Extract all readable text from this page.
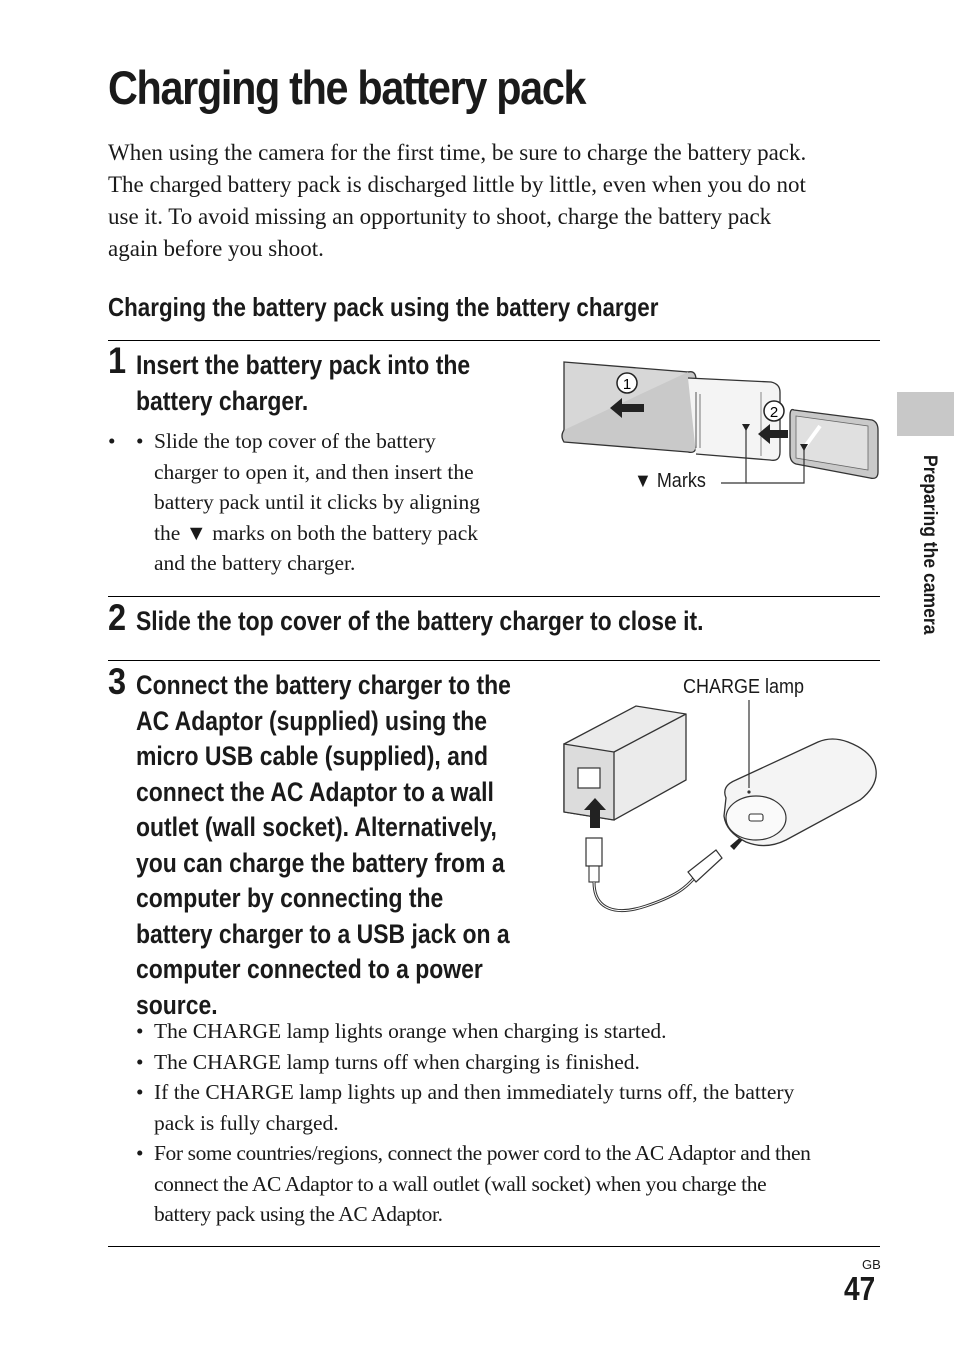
Charging the battery pack
When using the camera for the first time, be sure to charge the battery pack.
The charged battery pack is discharged little by little, even when you do not
use it. To avoid missing an opportunity to shoot, charge the battery pack
again before you shoot.
Charging the battery pack using the battery charger
1 Insert the battery pack into the
battery charger.
• Slide the top cover of the battery
charger to open it, and then insert the
battery pack until it clicks by aligning
the ▼ marks on both the battery pack
and the battery charger.
1
2
▼ Marks
2 Slide the top cover of the battery charger to close it.
3 Connect the battery charger to the
AC Adaptor (supplied) using the
micro USB cable (supplied), and
connect the AC Adaptor to a wall
outlet (wall socket). Alternatively,
you can charge the battery from a
computer by connecting the
battery charger to a USB jack on a
computer connected to a power
source.
CHARGE lamp
• The CHARGE lamp lights orange when charging is started.
• The CHARGE lamp turns off when charging is finished.
• If the CHARGE lamp lights up and then immediately turns off, the battery
pack is fully charged.
• For some countries/regions, connect the power cord to the AC Adaptor and then
connect the AC Adaptor to a wall outlet (wall socket) when you charge the
battery pack using the AC Adaptor.
Preparing the camera
GB
47
